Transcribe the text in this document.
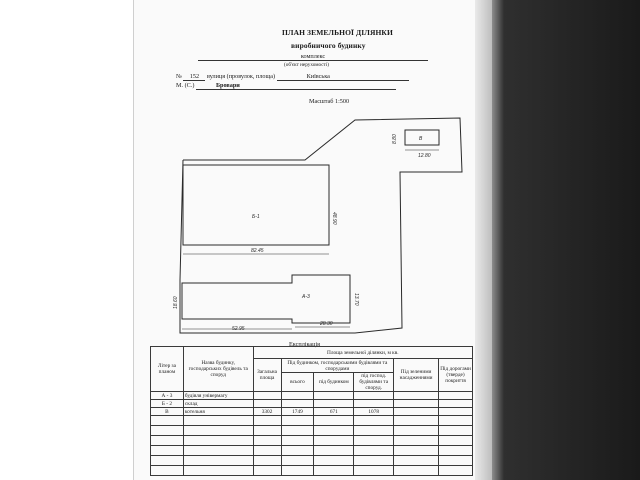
ПЛАН ЗЕМЕЛЬНОЇ ДІЛЯНКИ
виробничого будинку
комплекс
(об'єкт нерухомості)
№ 152 вулиця (провулок, площа)	Київська
М. (С.)	Бровари
Масштаб 1:500
Б-1
А-3
В
8.80
12.80
48.90
82.45
18.60	13.70
28.30
52.95
Експлікація
Літер за планом	Назва будинку, господарських будівель та споруд	Площа земельної ділянки, м кв.					
		Загальна площа	Під будинком, господарськими будівлями та спорудами			Під зеленими насадженнями	Під дорогами (тверде) покриття
			всього	під будинком	під господ. будівлями та споруд.		
А - 3	будівля універмагу						
Б - 2	склад						
В	котельня	3302	1749	671	1078		
